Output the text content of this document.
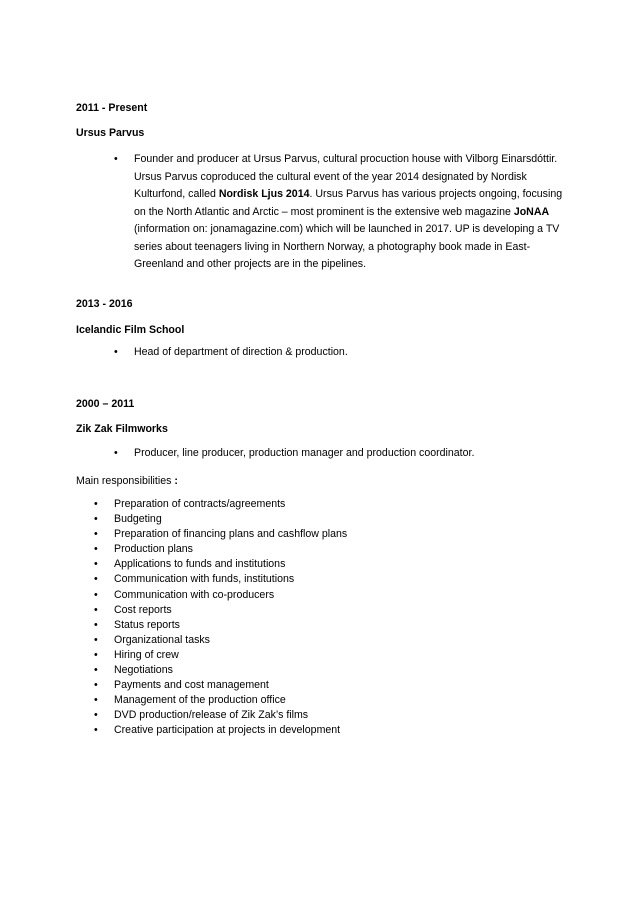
2011 - Present
Ursus Parvus
• Founder and producer at Ursus Parvus, cultural procuction house with Vilborg Einarsdóttir. Ursus Parvus coproduced the cultural event of the year 2014 designated by Nordisk Kulturfond, called Nordisk Ljus 2014. Ursus Parvus has various projects ongoing, focusing on the North Atlantic and Arctic – most prominent is the extensive web magazine JoNAA (information on: jonamagazine.com) which will be launched in 2017. UP is developing a TV series about teenagers living in Northern Norway, a photography book made in East-Greenland and other projects are in the pipelines.
2013 - 2016
Icelandic Film School
• Head of department of direction & production.
2000 – 2011
Zik Zak Filmworks
• Producer, line producer, production manager and production coordinator.
Main responsibilities :
• Preparation of contracts/agreements
• Budgeting
• Preparation of financing plans and cashflow plans
• Production plans
• Applications to funds and institutions
• Communication with funds, institutions
• Communication with co-producers
• Cost reports
• Status reports
• Organizational tasks
• Hiring of crew
• Negotiations
• Payments and cost management
• Management of the production office
• DVD production/release of Zik Zak’s films
• Creative participation at projects in development
